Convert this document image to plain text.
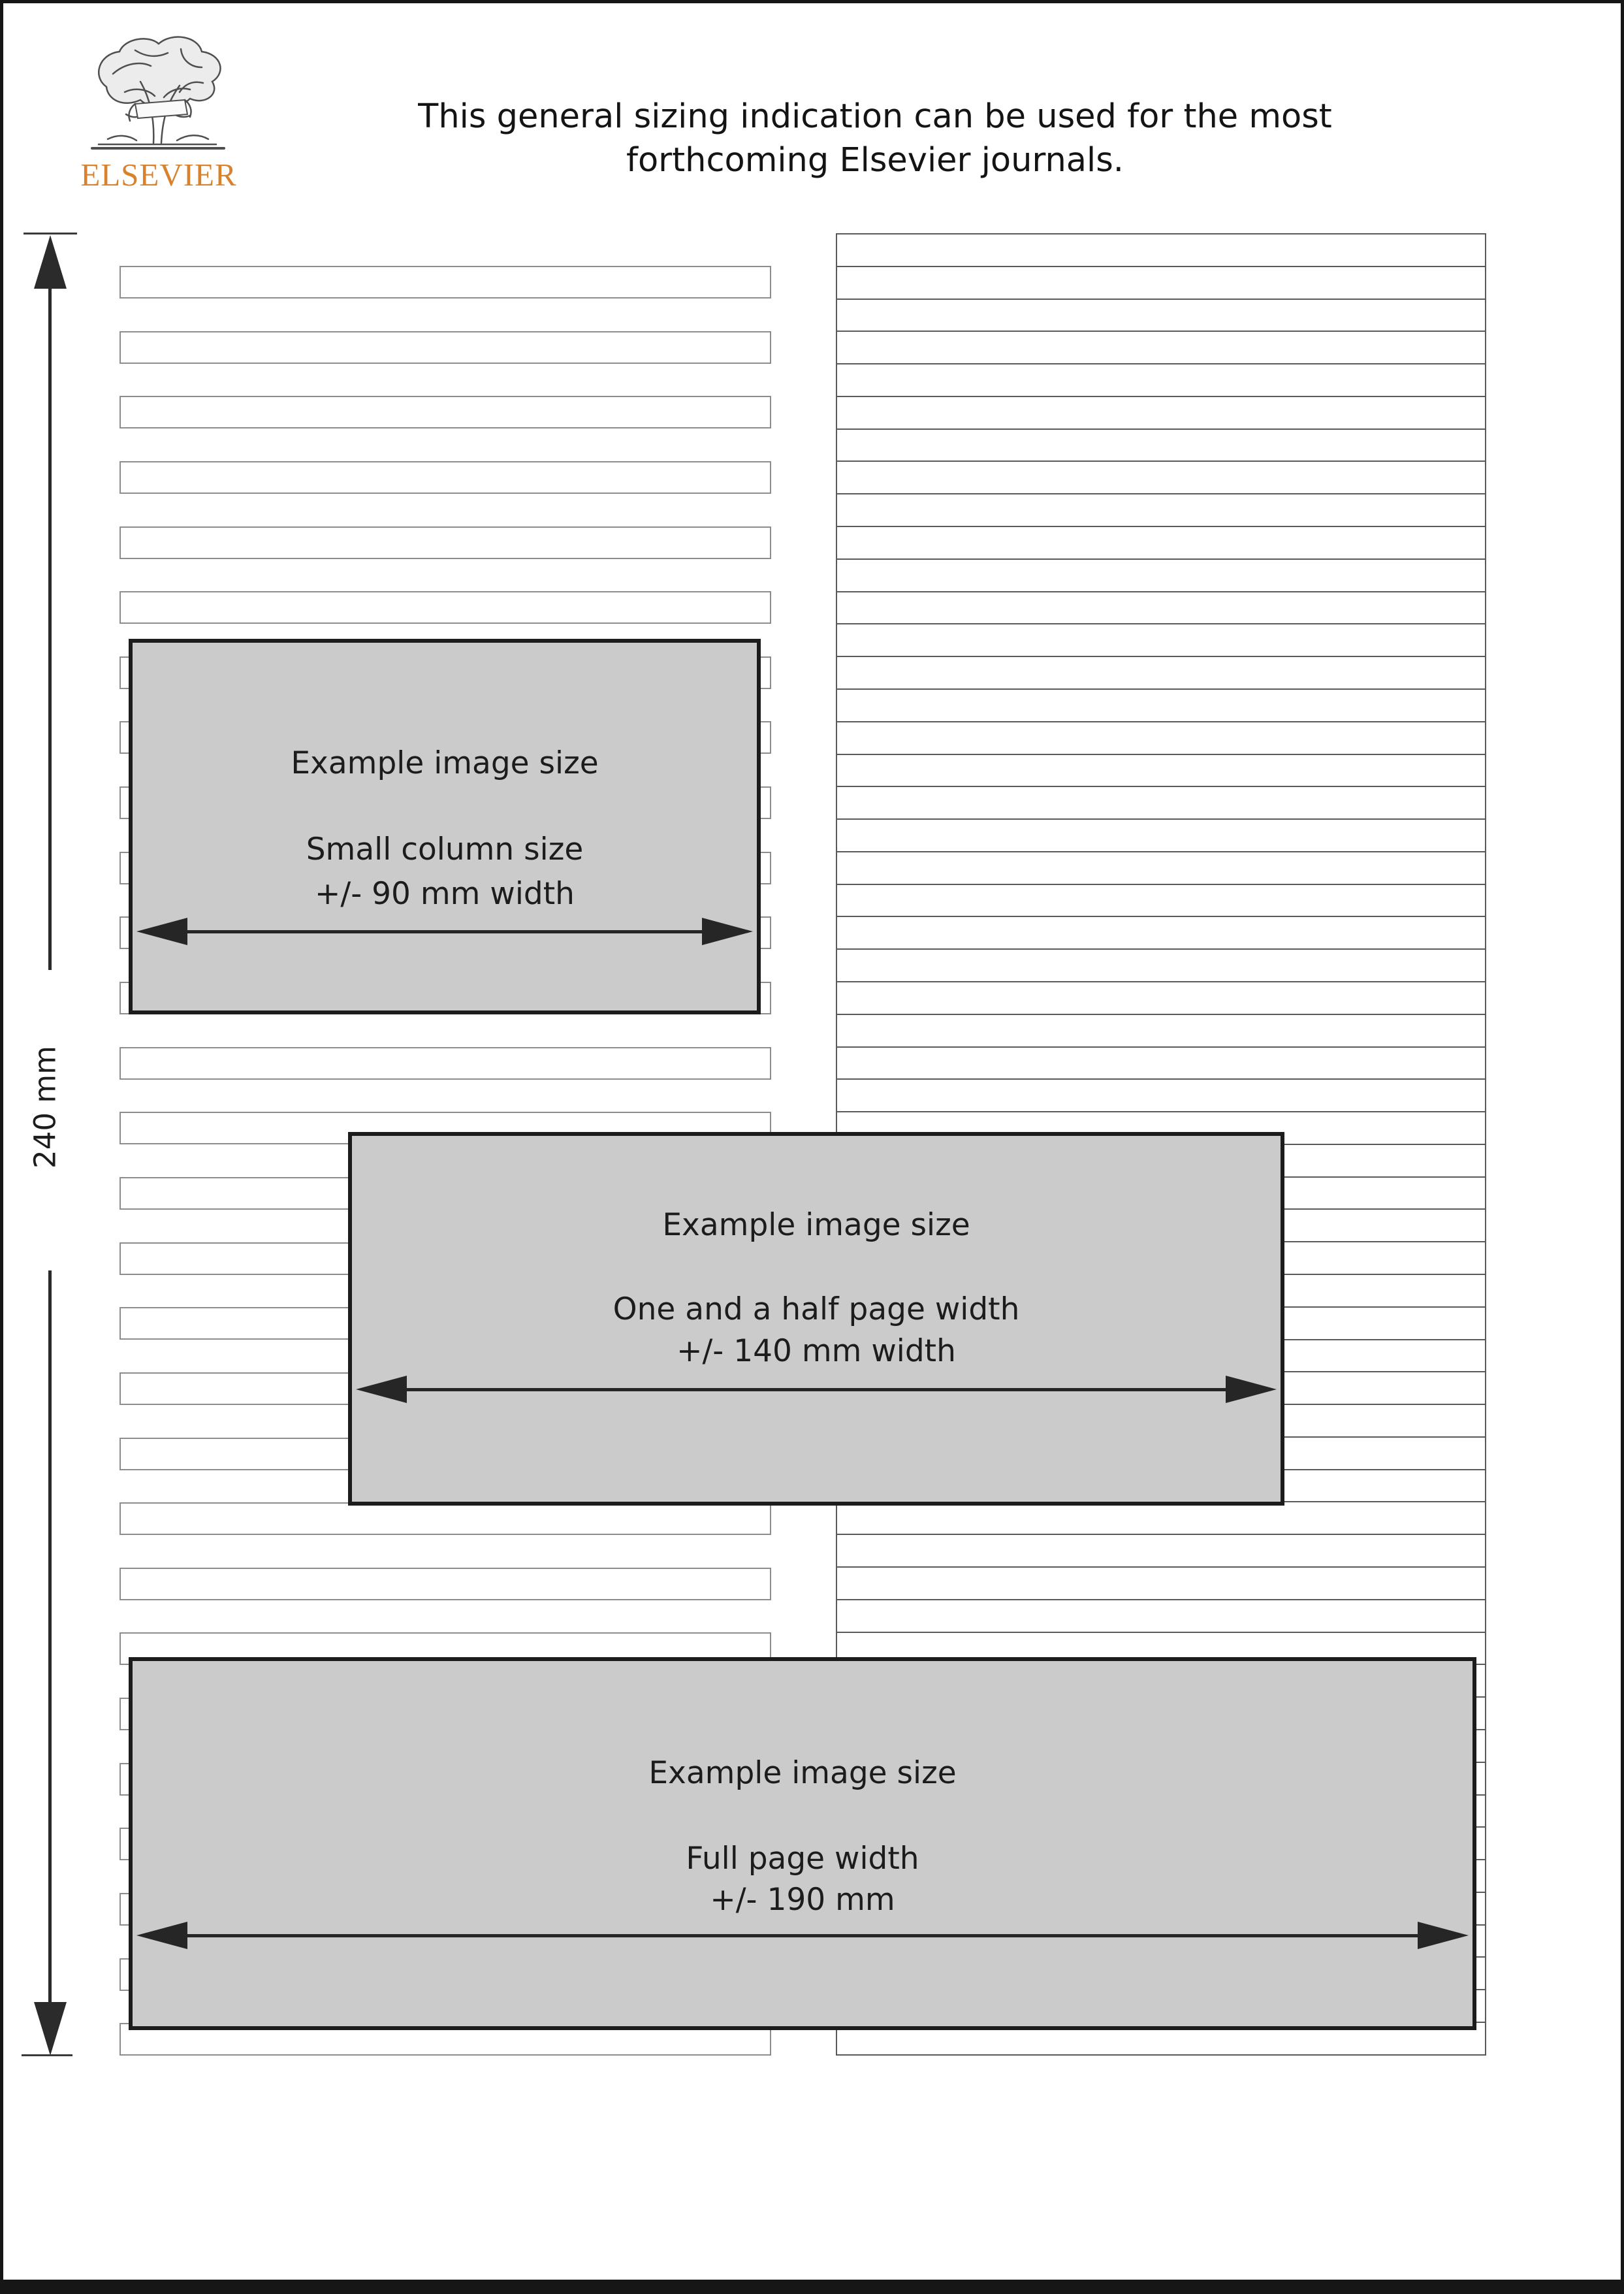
ELSEVIER
This general sizing indication can be used for the most
forthcoming Elsevier journals.
240 mm
Example image size
Small column size
+/- 90 mm width
Example image size
One and a half page width
+/- 140 mm width
Example image size
Full page width
+/- 190 mm
